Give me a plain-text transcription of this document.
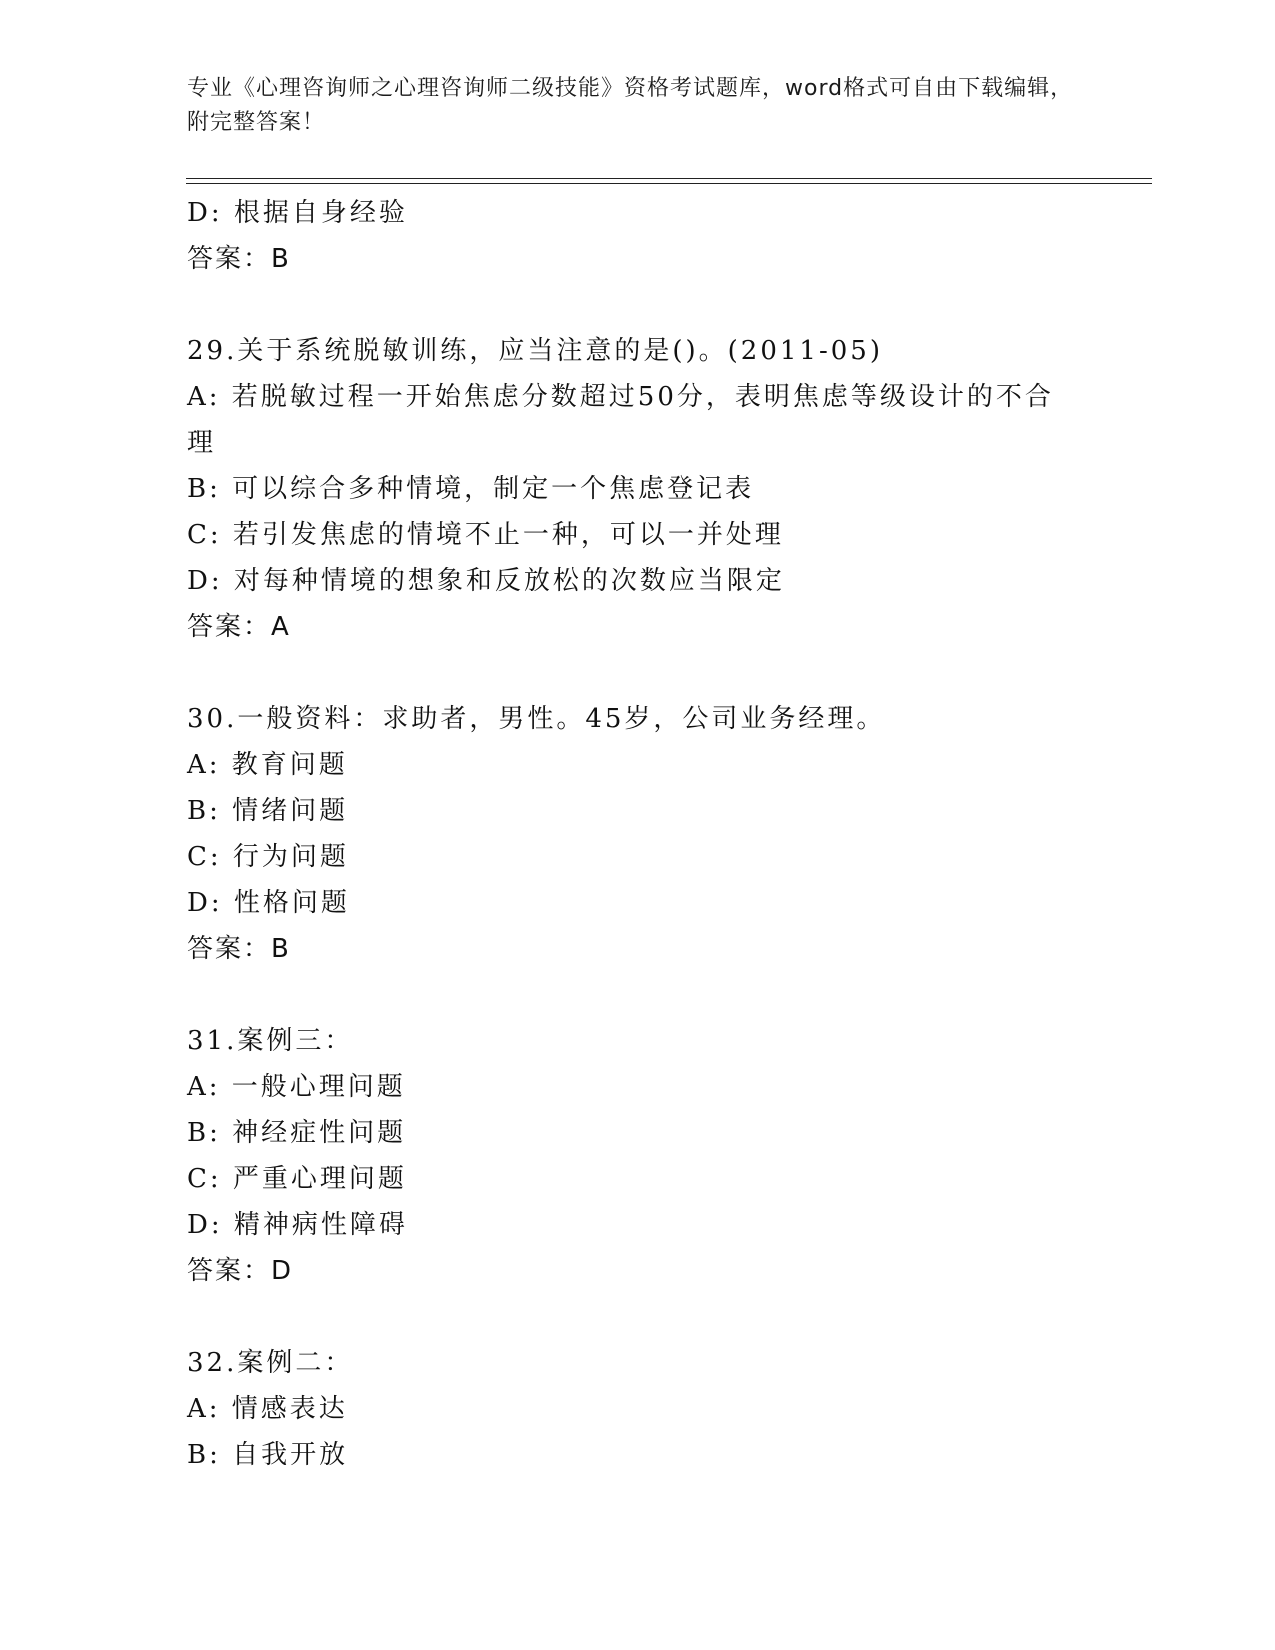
专业《心理咨询师之心理咨询师二级技能》资格考试题库，word格式可自由下载编辑，附完整答案！
D: 根据自身经验
答案：B
29.关于系统脱敏训练，应当注意的是()。(2011-05)
A: 若脱敏过程一开始焦虑分数超过50分，表明焦虑等级设计的不合理
B: 可以综合多种情境，制定一个焦虑登记表
C: 若引发焦虑的情境不止一种，可以一并处理
D: 对每种情境的想象和反放松的次数应当限定
答案：A
30.一般资料：求助者，男性。45岁，公司业务经理。
A: 教育问题
B: 情绪问题
C: 行为问题
D: 性格问题
答案：B
31.案例三：
A: 一般心理问题
B: 神经症性问题
C: 严重心理问题
D: 精神病性障碍
答案：D
32.案例二：
A: 情感表达
B: 自我开放
